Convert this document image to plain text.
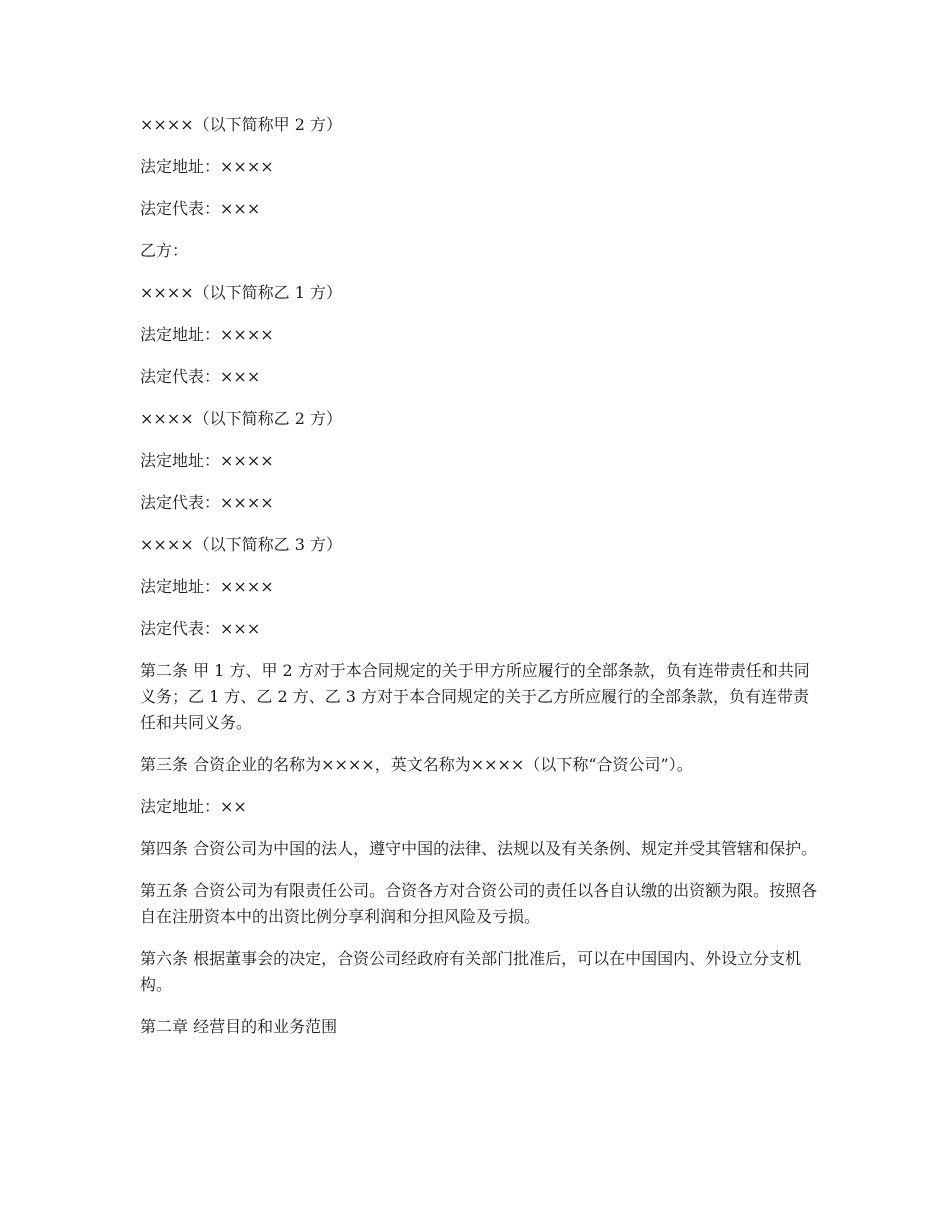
××××（以下简称甲 2 方）

法定地址：××××

法定代表：×××

乙方：

××××（以下简称乙 1 方）

法定地址：××××

法定代表：×××

××××（以下简称乙 2 方）

法定地址：××××

法定代表：××××

××××（以下简称乙 3 方）

法定地址：××××

法定代表：×××

第二条 甲 1 方、甲 2 方对于本合同规定的关于甲方所应履行的全部条款，负有连带责任和共同义务；乙 1 方、乙 2 方、乙 3 方对于本合同规定的关于乙方所应履行的全部条款，负有连带责任和共同义务。

第三条 合资企业的名称为××××，英文名称为××××（以下称“合资公司”）。

法定地址：××

第四条 合资公司为中国的法人，遵守中国的法律、法规以及有关条例、规定并受其管辖和保护。

第五条 合资公司为有限责任公司。合资各方对合资公司的责任以各自认缴的出资额为限。按照各自在注册资本中的出资比例分享利润和分担风险及亏损。

第六条 根据董事会的决定，合资公司经政府有关部门批准后，可以在中国国内、外设立分支机构。

第二章 经营目的和业务范围
